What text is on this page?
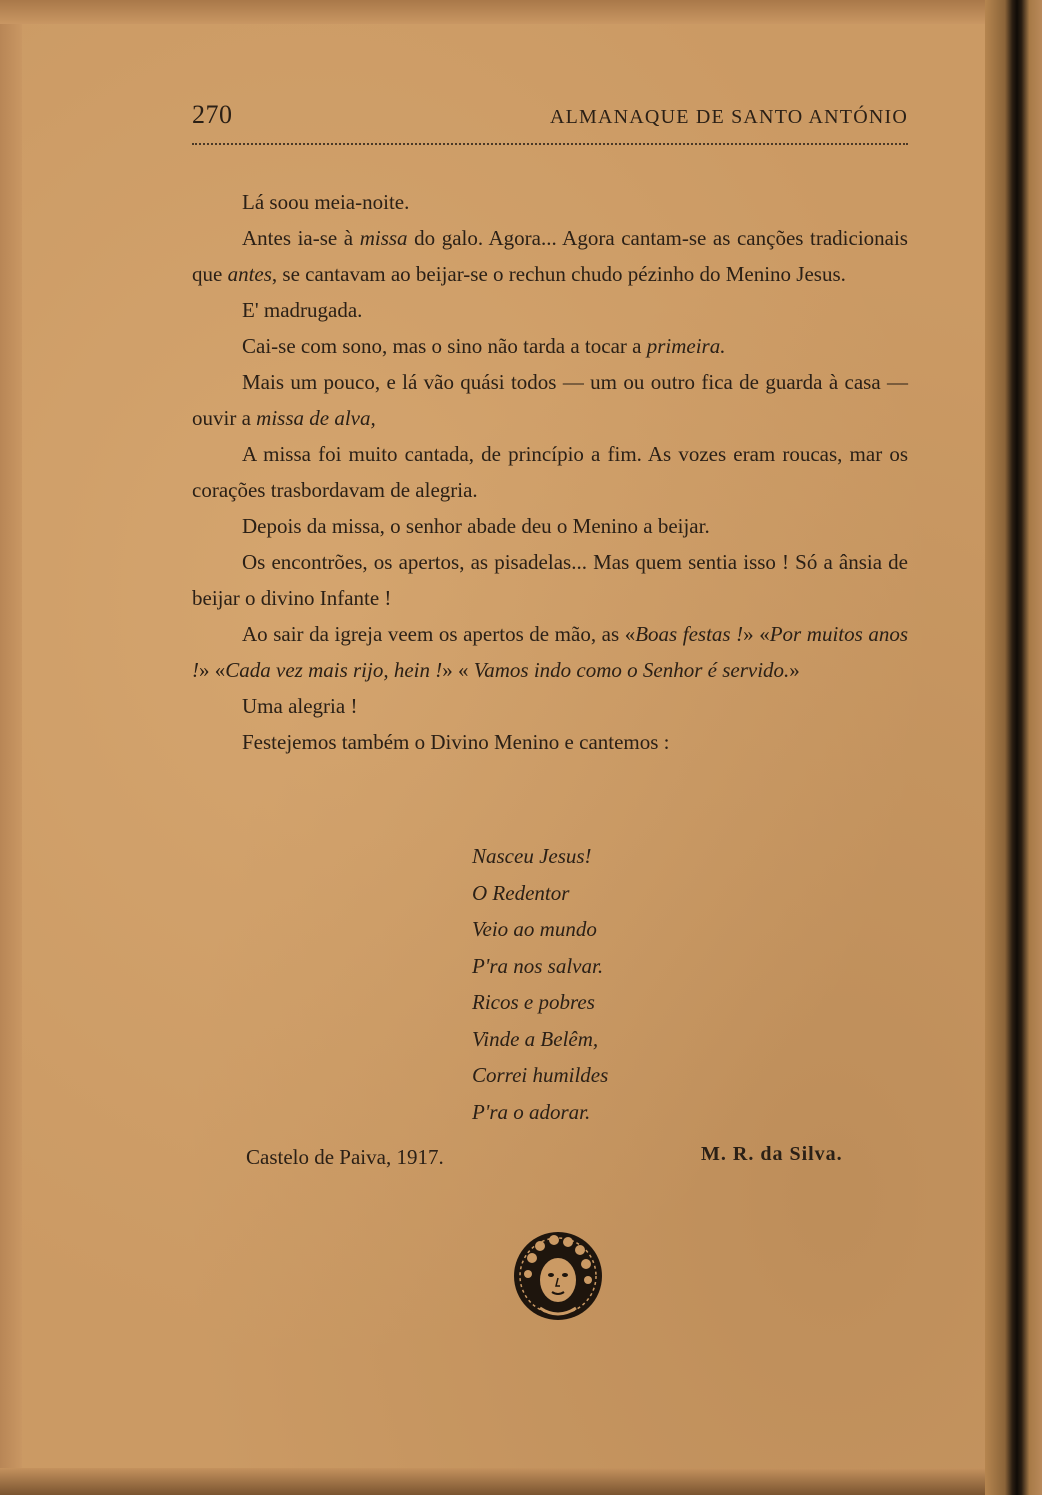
270	ALMANAQUE DE SANTO ANTÓNIO

Lá soou meia-noite.

Antes ia-se à missa do galo. Agora... Agora cantam-se as canções tradicionais que antes, se cantavam ao beijar-se o rechun chudo pézinho do Menino Jesus.

E' madrugada.

Cai-se com sono, mas o sino não tarda a tocar a primeira.

Mais um pouco, e lá vão quási todos — um ou outro fica de guarda à casa — ouvir a missa de alva,

A missa foi muito cantada, de princípio a fim. As vozes eram roucas, mar os corações trasbordavam de alegria.

Depois da missa, o senhor abade deu o Menino a beijar.

Os encontrões, os apertos, as pisadelas... Mas quem sentia isso ! Só a ânsia de beijar o divino Infante !

Ao sair da igreja veem os apertos de mão, as «Boas festas !» «Por muitos anos !» «Cada vez mais rijo, hein !» « Vamos indo como o Senhor é servido.»

Uma alegria !

Festejemos também o Divino Menino e cantemos :

Nasceu Jesus!
O Redentor
Veio ao mundo
P'ra nos salvar.
Ricos e pobres
Vinde a Belêm,
Correi humildes
P'ra o adorar.
Castelo de Paiva, 1917.	M. R. da Silva.
